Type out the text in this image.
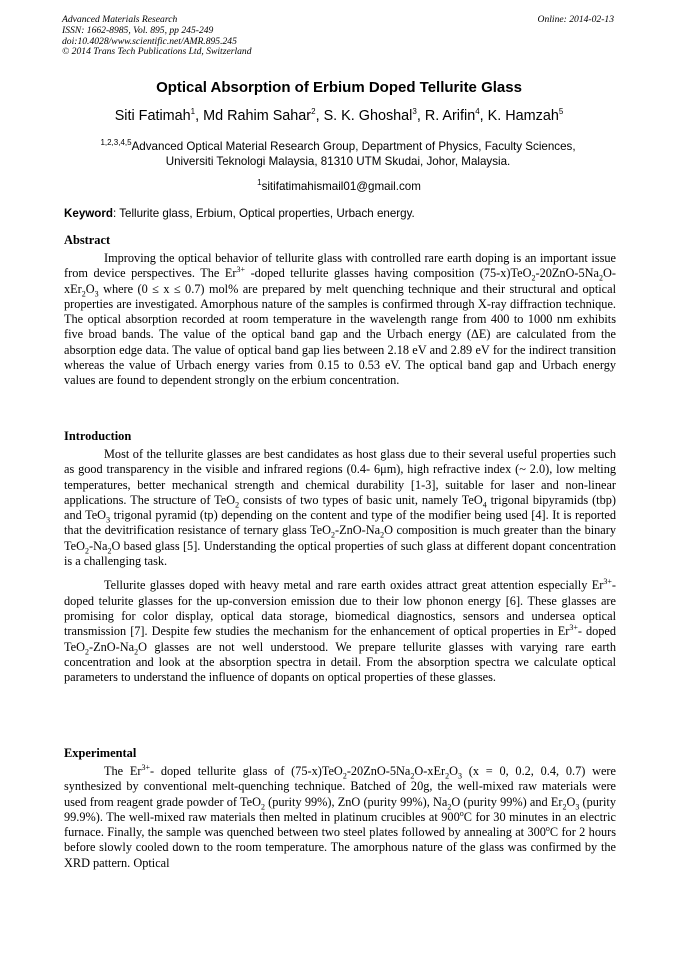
Advanced Materials Research
ISSN: 1662-8985, Vol. 895, pp 245-249
doi:10.4028/www.scientific.net/AMR.895.245
© 2014 Trans Tech Publications Ltd, Switzerland
Online: 2014-02-13
Optical Absorption of Erbium Doped Tellurite Glass
Siti Fatimah$^1$, Md Rahim Sahar$^2$, S. K. Ghoshal$^3$, R. Arifin$^4$, K. Hamzah$^5$
$^{1,2,3,4,5}$Advanced Optical Material Research Group, Department of Physics, Faculty Sciences,
Universiti Teknologi Malaysia, 81310 UTM Skudai, Johor, Malaysia.
$^1$sitifatimahismail01@gmail.com
Keyword: Tellurite glass, Erbium, Optical properties, Urbach energy.
Abstract

Improving the optical behavior of tellurite glass with controlled rare earth doping is an important issue from device perspectives. The $Er^{3+}$ -doped tellurite glasses having composition $(75-x)TeO_2-20ZnO-5Na_2O-xEr_2O_3$ where (0 ≤ x ≤ 0.7) mol% are prepared by melt quenching technique and their structural and optical properties are investigated. Amorphous nature of the samples is confirmed through X-ray diffraction technique. The optical absorption recorded at room temperature in the wavelength range from 400 to 1000 nm exhibits five broad bands. The value of the optical band gap and the Urbach energy (ΔE) are calculated from the absorption edge data. The value of optical band gap lies between 2.18 eV and 2.89 eV for the indirect transition whereas the value of Urbach energy varies from 0.15 to 0.53 eV. The optical band gap and Urbach energy values are found to dependent strongly on the erbium concentration.

Introduction

Most of the tellurite glasses are best candidates as host glass due to their several useful properties such as good transparency in the visible and infrared regions (0.4- 6μm), high refractive index (~ 2.0), low melting temperatures, better mechanical strength and chemical durability [1-3], suitable for laser and non-linear applications. The structure of TeO$_2$ consists of two types of basic unit, namely TeO$_4$ trigonal bipyramids (tbp) and TeO$_3$ trigonal pyramid (tp) depending on the content and type of the modifier being used [4]. It is reported that the devitrification resistance of ternary glass $TeO_2-ZnO-Na_2O$ composition is much greater than the binary $TeO_2-Na_2O$ based glass [5]. Understanding the optical properties of such glass at different dopant concentration is a challenging task.

Tellurite glasses doped with heavy metal and rare earth oxides attract great attention especially $Er^{3+}-$ doped telurite glasses for the up-conversion emission due to their low phonon energy [6]. These glasses are promising for color display, optical data storage, biomedical diagnostics, sensors and undersea optical transmission [7]. Despite few studies the mechanism for the enhancement of optical properties in $Er^{3+}-$ doped $TeO_2-ZnO-Na_2O$ glasses are not well understood. We prepare tellurite glasses with varying rare earth concentration and look at the absorption spectra in detail. From the absorption spectra we calculate optical parameters to understand the influence of dopants on optical properties of these glasses.

Experimental

The $Er^{3+}-$ doped tellurite glass of $(75-x)TeO_2-20ZnO-5Na_2O-xEr_2O_3$ (x = 0, 0.2, 0.4, 0.7) were synthesized by conventional melt-quenching technique. Batched of 20g, the well-mixed raw materials were used from reagent grade powder of TeO$_2$ (purity 99%), ZnO (purity 99%), $Na_2O$ (purity 99%) and $Er_2O_3$ (purity 99.9%). The well-mixed raw materials then melted in platinum crucibles at 900$^o$C for 30 minutes in an electric furnace. Finally, the sample was quenched between two steel plates followed by annealing at 300$^o$C for 2 hours before slowly cooled down to the room temperature. The amorphous nature of the glass was confirmed by the XRD pattern. Optical
